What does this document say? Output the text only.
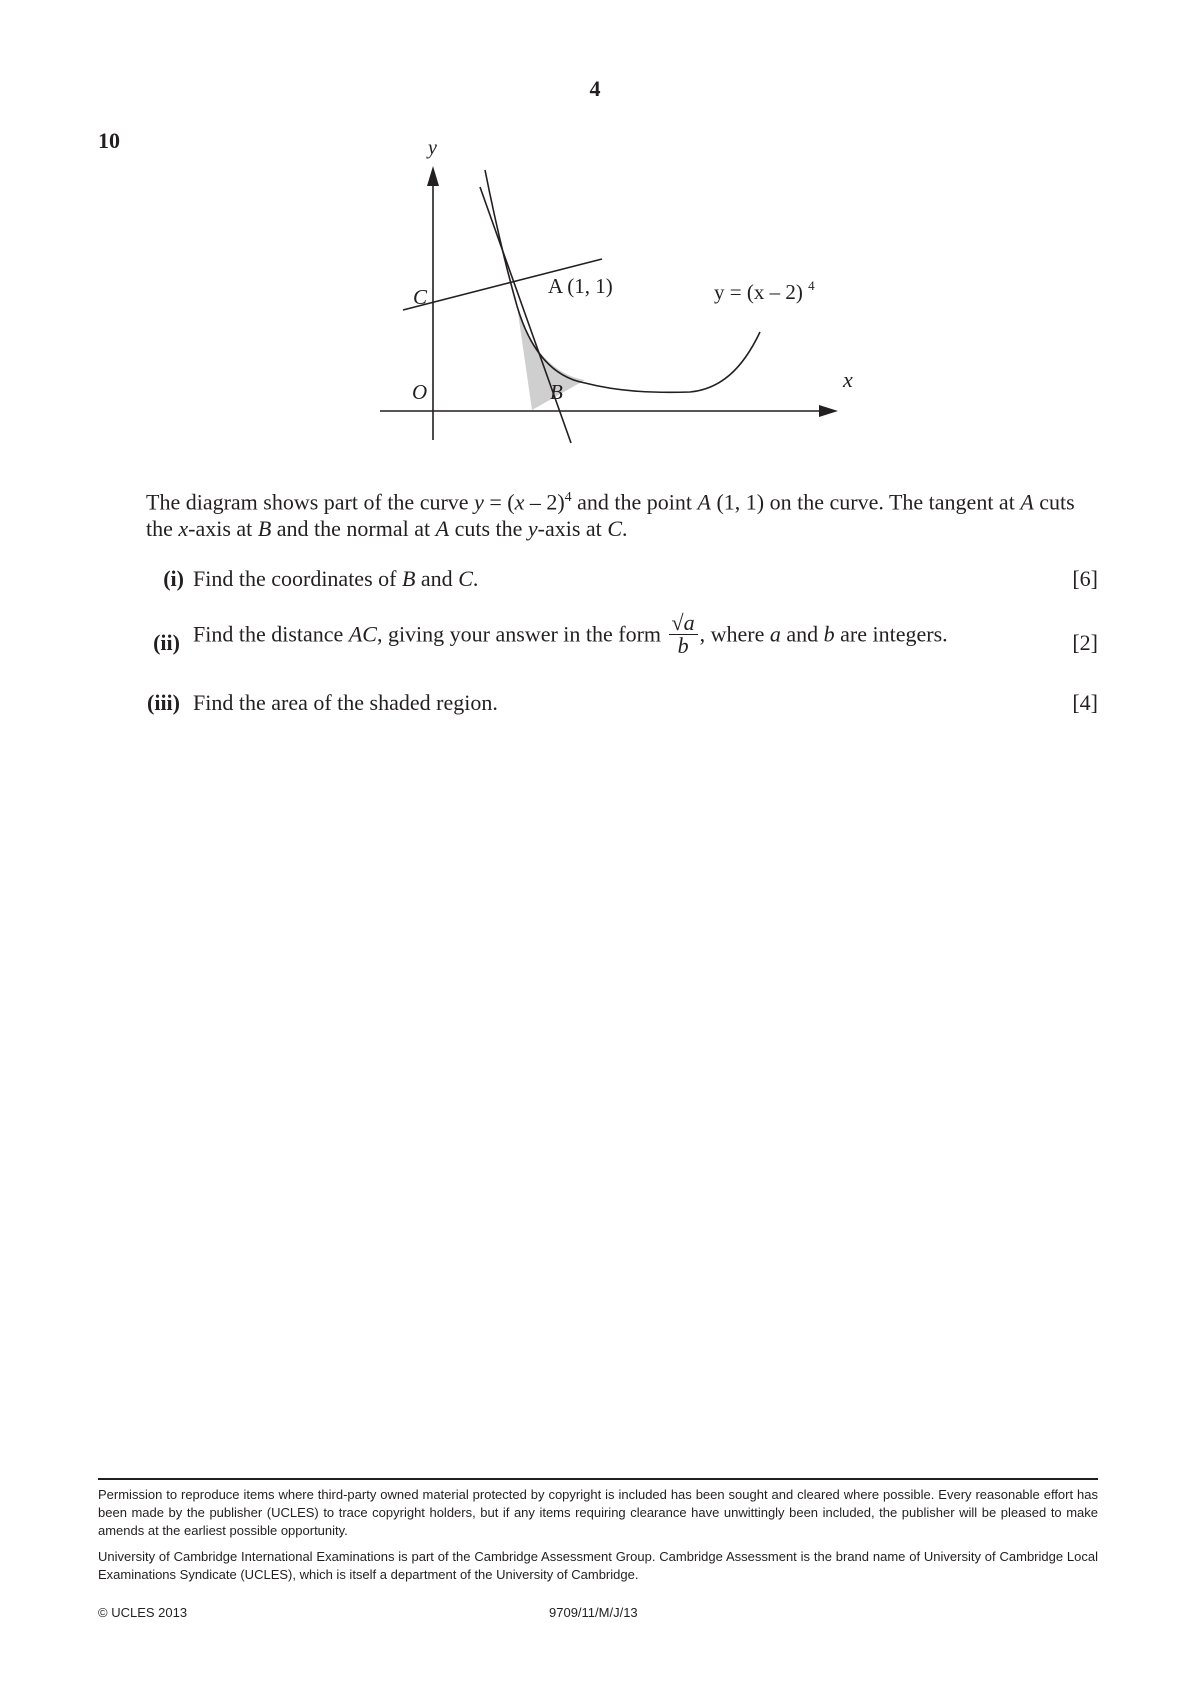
4
10	y
x
O
C
B
A (1, 1)	y = (x – 2) $^4$
The diagram shows part of the curve y = (x – 2)$^4$ and the point A (1, 1) on the curve. The tangent at A cuts the x-axis at B and the normal at A cuts the y-axis at C.
(i) Find the coordinates of B and C.	[6]
(ii) Find the distance AC, giving your answer in the form $\frac{√a}{b}$ , where a and b are integers.	[2]
(iii) Find the area of the shaded region.	[4]
Permission to reproduce items where third-party owned material protected by copyright is included has been sought and cleared where possible. Every reasonable effort has been made by the publisher (UCLES) to trace copyright holders, but if any items requiring clearance have unwittingly been included, the publisher will be pleased to make amends at the earliest possible opportunity.
University of Cambridge International Examinations is part of the Cambridge Assessment Group. Cambridge Assessment is the brand name of University of Cambridge Local Examinations Syndicate (UCLES), which is itself a department of the University of Cambridge.
© UCLES 2013	9709/11/M/J/13
